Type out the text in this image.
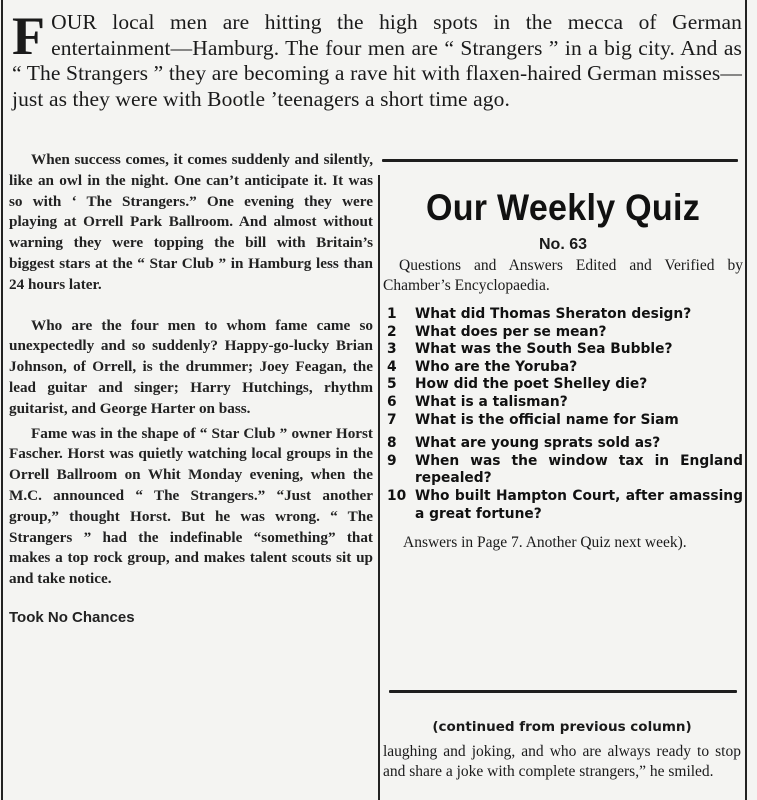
F OUR local men are hitting the high spots in the mecca of German entertainment—Hamburg. The four men are “ Strangers ” in a big city. And as “ The Strangers ” they are becoming a rave hit with flaxen-haired German misses—just as they were with Bootle ’teenagers a short time ago.

When success comes, it comes suddenly and silently, like an owl in the night. One can’t anticipate it. It was so with ‘ The Strangers.” One evening they were playing at Orrell Park Ballroom. And almost without warning they were topping the bill with Britain’s biggest stars at the “ Star Club ” in Hamburg less than 24 hours later.

Who are the four men to whom fame came so unexpectedly and so suddenly? Happy-go-lucky Brian Johnson, of Orrell, is the drummer; Joey Feagan, the lead guitar and singer; Harry Hutchings, rhythm guitarist, and George Harter on bass.

Fame was in the shape of “ Star Club ” owner Horst Fascher. Horst was quietly watching local groups in the Orrell Ballroom on Whit Monday evening, when the M.C. announced “ The Strangers.” “Just another group,” thought Horst. But he was wrong. “ The Strangers ” had the indefinable “something” that makes a top rock group, and makes talent scouts sit up and take notice.

Took No Chances

Our Weekly Quiz
No. 63
Questions and Answers Edited and Verified by Chamber’s Encyclopaedia.
1	What did Thomas Sheraton design?
2	What does per se mean?
3	What was the South Sea Bubble?
4	Who are the Yoruba?
5	How did the poet Shelley die?
6	What is a talisman?
7	What is the official name for Siam
8	What are young sprats sold as?
9	When was the window tax in England repealed?
10 Who built Hampton Court, after amassing a great fortune?
Answers in Page 7. Another Quiz next week).
(continued from previous column)
laughing and joking, and who are always ready to stop and share a joke with complete strangers,” he smiled.
